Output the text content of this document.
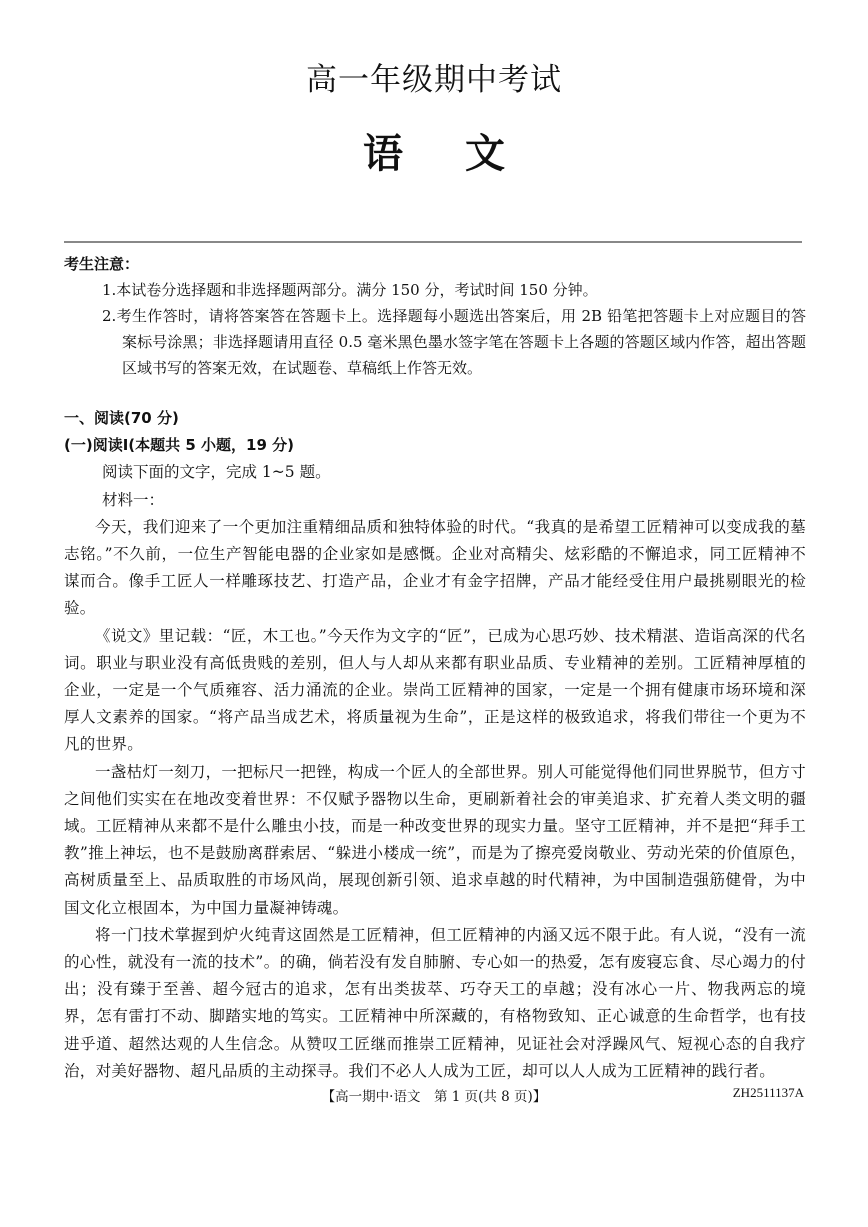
高一年级期中考试
语文
考生注意：
1.本试卷分选择题和非选择题两部分。满分 150 分，考试时间 150 分钟。
2.考生作答时，请将答案答在答题卡上。选择题每小题选出答案后，用 2B 铅笔把答题卡上对应题目的答案标号涂黑；非选择题请用直径 0.5 毫米黑色墨水签字笔在答题卡上各题的答题区域内作答，超出答题区域书写的答案无效，在试题卷、草稿纸上作答无效。
一、阅读(70 分)
(一)阅读Ⅰ(本题共 5 小题，19 分)
阅读下面的文字，完成 1~5 题。
材料一：

今天，我们迎来了一个更加注重精细品质和独特体验的时代。“我真的是希望工匠精神可以变成我的墓志铭。”不久前，一位生产智能电器的企业家如是感慨。企业对高精尖、炫彩酷的不懈追求，同工匠精神不谋而合。像手工匠人一样雕琢技艺、打造产品，企业才有金字招牌，产品才能经受住用户最挑剔眼光的检验。

《说文》里记载：“匠，木工也。”今天作为文字的“匠”，已成为心思巧妙、技术精湛、造诣高深的代名词。职业与职业没有高低贵贱的差别，但人与人却从来都有职业品质、专业精神的差别。工匠精神厚植的企业，一定是一个气质雍容、活力涌流的企业。崇尚工匠精神的国家，一定是一个拥有健康市场环境和深厚人文素养的国家。“将产品当成艺术，将质量视为生命”，正是这样的极致追求，将我们带往一个更为不凡的世界。

一盏枯灯一刻刀，一把标尺一把锉，构成一个匠人的全部世界。别人可能觉得他们同世界脱节，但方寸之间他们实实在在地改变着世界：不仅赋予器物以生命，更刷新着社会的审美追求、扩充着人类文明的疆域。工匠精神从来都不是什么雕虫小技，而是一种改变世界的现实力量。坚守工匠精神，并不是把“拜手工教”推上神坛，也不是鼓励离群索居、“躲进小楼成一统”，而是为了擦亮爱岗敬业、劳动光荣的价值原色，高树质量至上、品质取胜的市场风尚，展现创新引领、追求卓越的时代精神，为中国制造强筋健骨，为中国文化立根固本，为中国力量凝神铸魂。

将一门技术掌握到炉火纯青这固然是工匠精神，但工匠精神的内涵又远不限于此。有人说，“没有一流的心性，就没有一流的技术”。的确，倘若没有发自肺腑、专心如一的热爱，怎有废寝忘食、尽心竭力的付出；没有臻于至善、超今冠古的追求，怎有出类拔萃、巧夺天工的卓越；没有冰心一片、物我两忘的境界，怎有雷打不动、脚踏实地的笃实。工匠精神中所深藏的，有格物致知、正心诚意的生命哲学，也有技进乎道、超然达观的人生信念。从赞叹工匠继而推崇工匠精神，见证社会对浮躁风气、短视心态的自我疗治，对美好器物、超凡品质的主动探寻。我们不必人人成为工匠，却可以人人成为工匠精神的践行者。

【高一期中·语文　第 1 页(共 8 页)】	ZH2511137A
